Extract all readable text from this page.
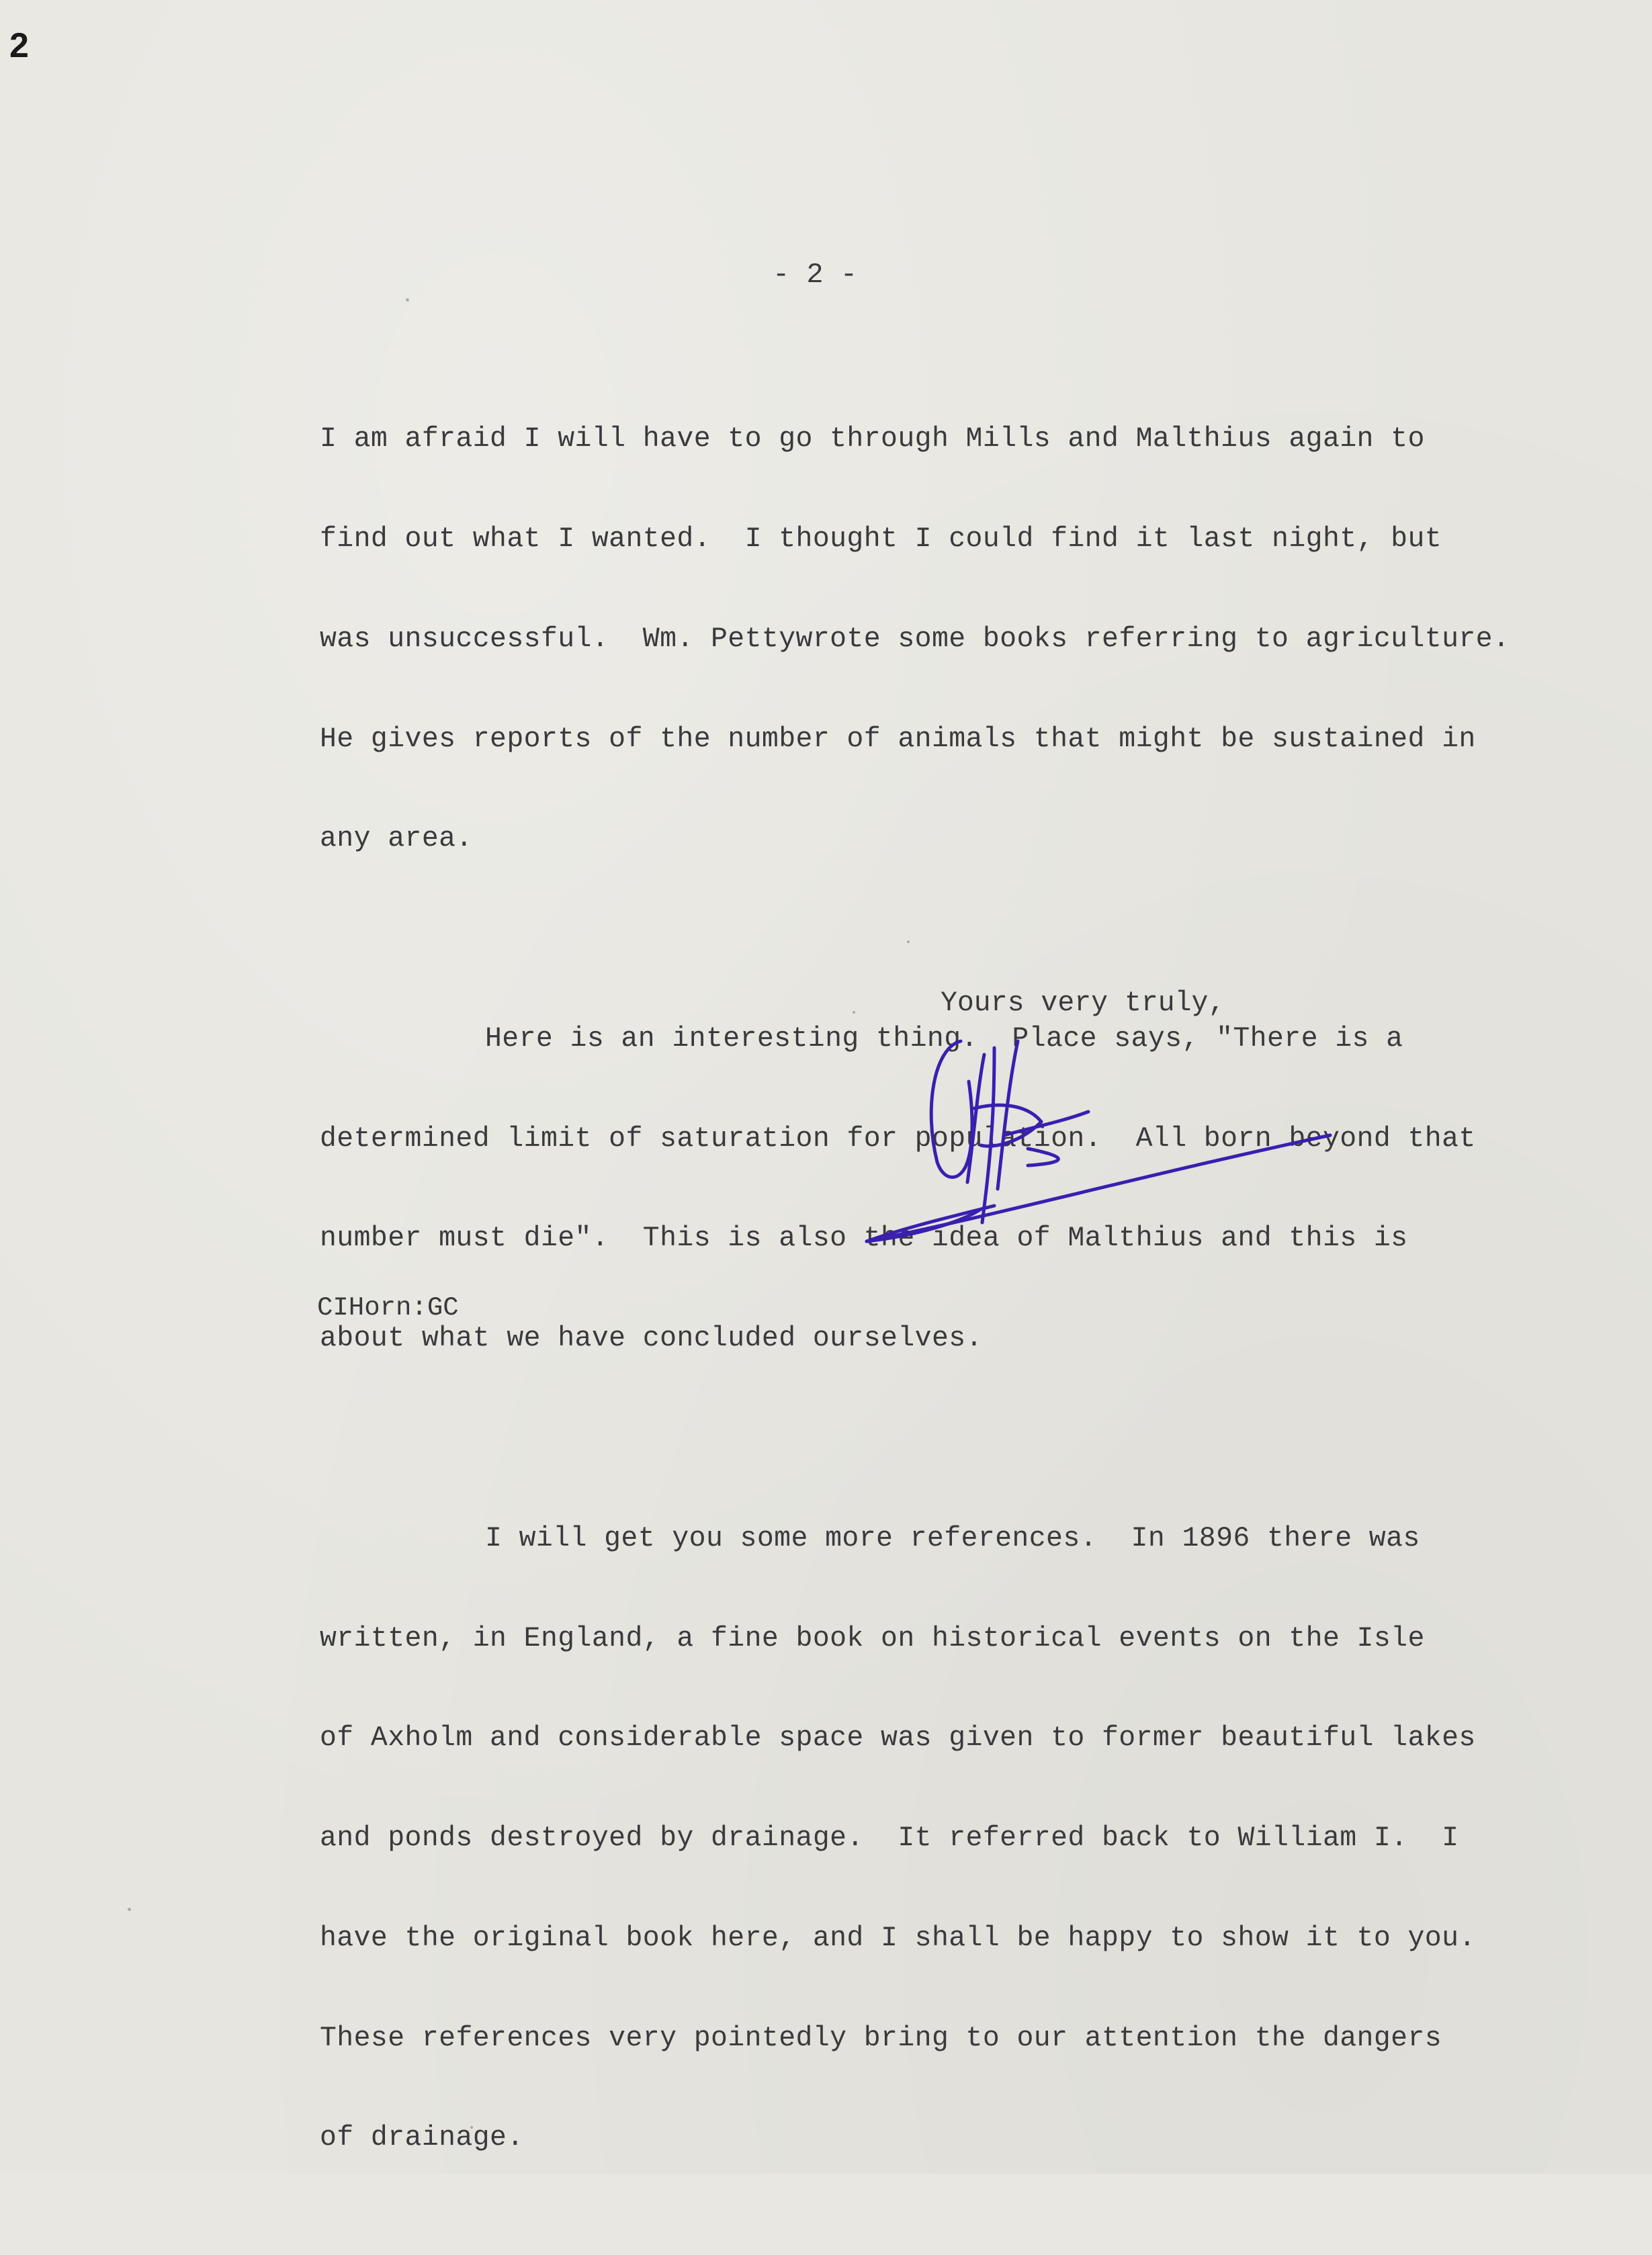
2
- 2 -

I am afraid I will have to go through Mills and Malthius again to

find out what I wanted.  I thought I could find it last night, but

was unsuccessful.  Wm. Pettywrote some books referring to agriculture.

He gives reports of the number of animals that might be sustained in

any area.

Here is an interesting thing.  Place says, "There is a

determined limit of saturation for population.  All born beyond that

number must die".  This is also the idea of Malthius and this is

about what we have concluded ourselves.

I will get you some more references.  In 1896 there was

written, in England, a fine book on historical events on the Isle

of Axholm and considerable space was given to former beautiful lakes

and ponds destroyed by drainage.  It referred back to William I.  I

have the original book here, and I shall be happy to show it to you.

These references very pointedly bring to our attention the dangers

of drainage.

Yours very truly,
CIHorn:GC
